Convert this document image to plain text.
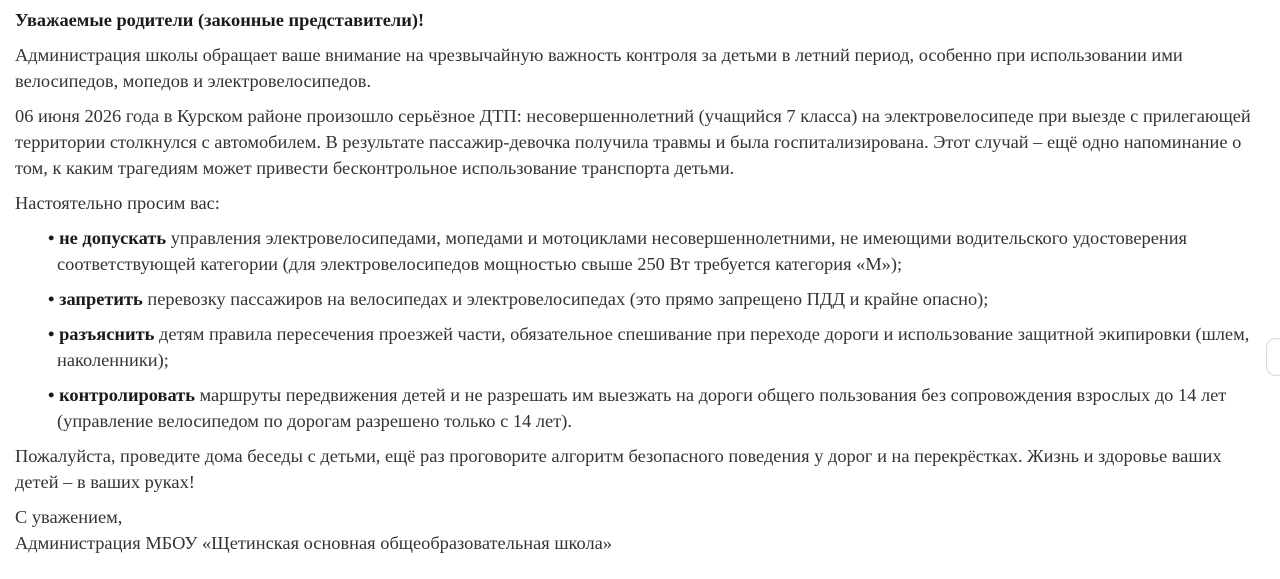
Уважаемые родители (законные представители)!

Администрация школы обращает ваше внимание на чрезвычайную важность контроля за детьми в летний период, особенно при использовании ими велосипедов, мопедов и электровелосипедов.

06 июня 2026 года в Курском районе произошло серьёзное ДТП: несовершеннолетний (учащийся 7 класса) на электровелосипеде при выезде с прилегающей территории столкнулся с автомобилем. В результате пассажир-девочка получила травмы и была госпитализирована. Этот случай – ещё одно напоминание о том, к каким трагедиям может привести бесконтрольное использование транспорта детьми.

Настоятельно просим вас:

• не допускать управления электровелосипедами, мопедами и мотоциклами несовершеннолетними, не имеющими водительского удостоверения соответствующей категории (для электровелосипедов мощностью свыше 250 Вт требуется категория «М»);
• запретить перевозку пассажиров на велосипедах и электровелосипедах (это прямо запрещено ПДД и крайне опасно);
• разъяснить детям правила пересечения проезжей части, обязательное спешивание при переходе дороги и использование защитной экипировки (шлем, наколенники);
• контролировать маршруты передвижения детей и не разрешать им выезжать на дороги общего пользования без сопровождения взрослых до 14 лет (управление велосипедом по дорогам разрешено только с 14 лет).

Пожалуйста, проведите дома беседы с детьми, ещё раз проговорите алгоритм безопасного поведения у дорог и на перекрёстках. Жизнь и здоровье ваших детей – в ваших руках!

С уважением,

Администрация МБОУ «Щетинская основная общеобразовательная школа»
